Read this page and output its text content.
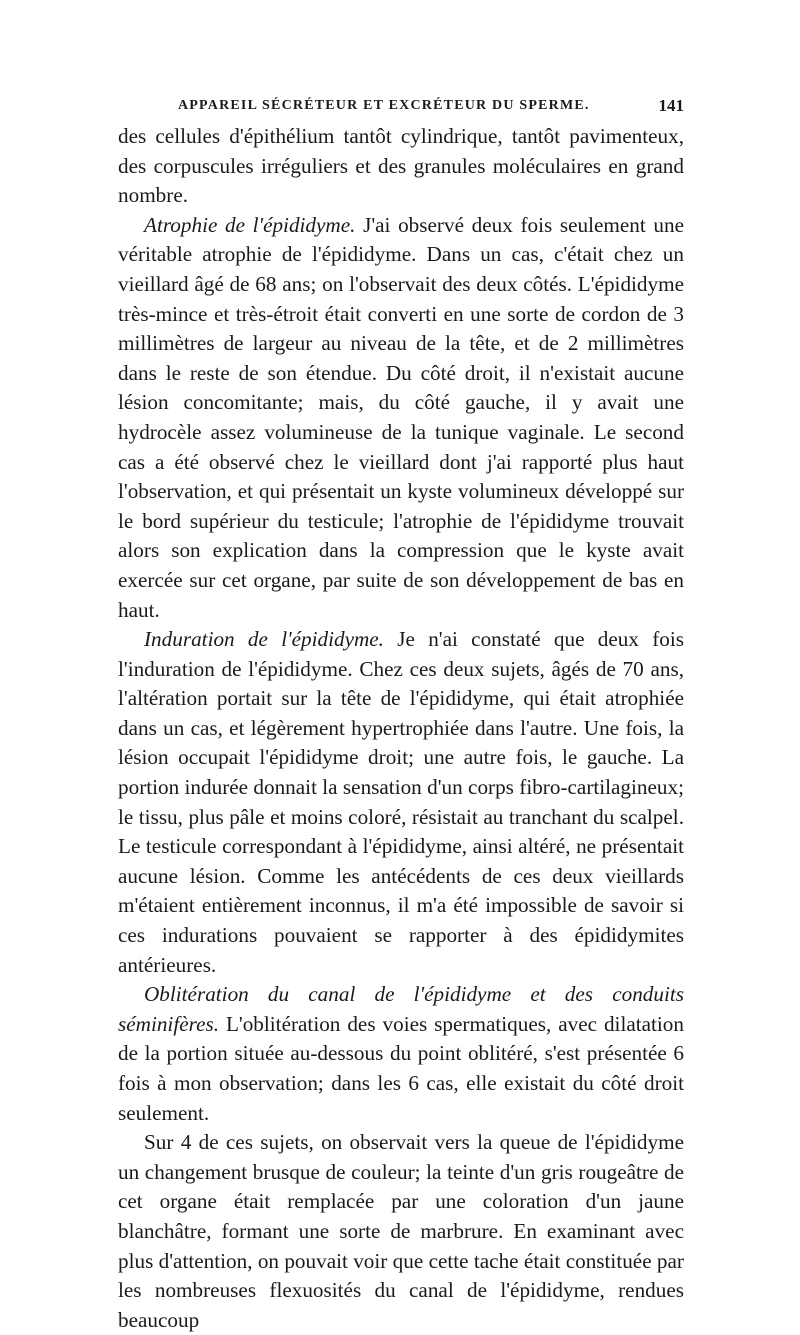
APPAREIL SÉCRÉTEUR ET EXCRÉTEUR DU SPERME.	141

des cellules d'épithélium tantôt cylindrique, tantôt pavimenteux, des corpuscules irréguliers et des granules moléculaires en grand nombre.

Atrophie de l'épididyme. J'ai observé deux fois seulement une véritable atrophie de l'épididyme. Dans un cas, c'était chez un vieillard âgé de 68 ans; on l'observait des deux côtés. L'épididyme très-mince et très-étroit était converti en une sorte de cordon de 3 millimètres de largeur au niveau de la tête, et de 2 millimètres dans le reste de son étendue. Du côté droit, il n'existait aucune lésion concomitante; mais, du côté gauche, il y avait une hydrocèle assez volumineuse de la tunique vaginale. Le second cas a été observé chez le vieillard dont j'ai rapporté plus haut l'observation, et qui présentait un kyste volumineux développé sur le bord supérieur du testicule; l'atrophie de l'épididyme trouvait alors son explication dans la compression que le kyste avait exercée sur cet organe, par suite de son développement de bas en haut.

Induration de l'épididyme. Je n'ai constaté que deux fois l'induration de l'épididyme. Chez ces deux sujets, âgés de 70 ans, l'altération portait sur la tête de l'épididyme, qui était atrophiée dans un cas, et légèrement hypertrophiée dans l'autre. Une fois, la lésion occupait l'épididyme droit; une autre fois, le gauche. La portion indurée donnait la sensation d'un corps fibro-cartilagineux; le tissu, plus pâle et moins coloré, résistait au tranchant du scalpel. Le testicule correspondant à l'épididyme, ainsi altéré, ne présentait aucune lésion. Comme les antécédents de ces deux vieillards m'étaient entièrement inconnus, il m'a été impossible de savoir si ces indurations pouvaient se rapporter à des épididymites antérieures.

Oblitération du canal de l'épididyme et des conduits séminifères. L'oblitération des voies spermatiques, avec dilatation de la portion située au-dessous du point oblitéré, s'est présentée 6 fois à mon observation; dans les 6 cas, elle existait du côté droit seulement.

Sur 4 de ces sujets, on observait vers la queue de l'épididyme un changement brusque de couleur; la teinte d'un gris rougeâtre de cet organe était remplacée par une coloration d'un jaune blanchâtre, formant une sorte de marbrure. En examinant avec plus d'attention, on pouvait voir que cette tache était constituée par les nombreuses flexuosités du canal de l'épididyme, rendues beaucoup
